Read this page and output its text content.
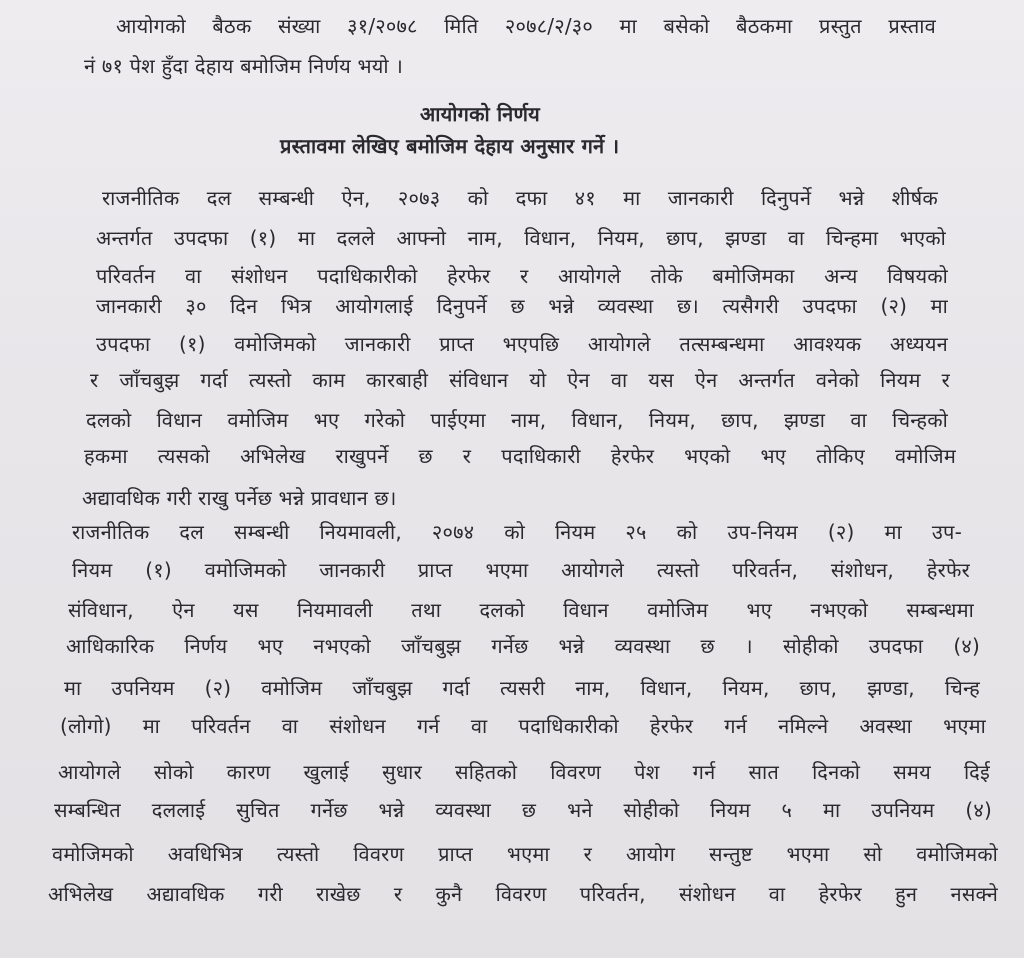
आयोगको बैठक संख्या ३१/२०७८ मिति २०७८/२/३० मा बसेको बैठकमा प्रस्तुत प्रस्ताव
नं ७१ पेश हुँदा देहाय बमोजिम निर्णय भयो ।
आयोगको निर्णय
प्रस्तावमा लेखिए बमोजिम देहाय अनुसार गर्ने ।
राजनीतिक दल सम्बन्धी ऐन, २०७३ को दफा ४१ मा जानकारी दिनुपर्ने भन्ने शीर्षक
अन्तर्गत उपदफा (१) मा दलले आफ्नो नाम, विधान, नियम, छाप, झण्डा वा चिन्हमा भएको
परिवर्तन वा संशोधन पदाधिकारीको हेरफेर र आयोगले तोके बमोजिमका अन्य विषयको
जानकारी ३० दिन भित्र आयोगलाई दिनुपर्ने छ भन्ने व्यवस्था छ। त्यसैगरी उपदफा (२) मा
उपदफा (१) वमोजिमको जानकारी प्राप्त भएपछि आयोगले तत्सम्बन्धमा आवश्यक अध्ययन
र जाँचबुझ गर्दा त्यस्तो काम कारबाही संविधान यो ऐन वा यस ऐन अन्तर्गत वनेको नियम र
दलको विधान वमोजिम भए गरेको पाईएमा नाम, विधान, नियम, छाप, झण्डा वा चिन्हको
हकमा त्यसको अभिलेख राखुपर्ने छ र पदाधिकारी हेरफेर भएको भए तोकिए वमोजिम
अद्यावधिक गरी राखु पर्नेछ भन्ने प्रावधान छ।
राजनीतिक दल सम्बन्धी नियमावली, २०७४ को नियम २५ को उप-नियम (२) मा उप-
नियम (१) वमोजिमको जानकारी प्राप्त भएमा आयोगले त्यस्तो परिवर्तन, संशोधन, हेरफेर
संविधान, ऐन यस नियमावली तथा दलको विधान वमोजिम भए नभएको सम्बन्धमा
आधिकारिक निर्णय भए नभएको जाँचबुझ गर्नेछ भन्ने व्यवस्था छ । सोहीको उपदफा (४)
मा उपनियम (२) वमोजिम जाँचबुझ गर्दा त्यसरी नाम, विधान, नियम, छाप, झण्डा, चिन्ह
(लोगो) मा परिवर्तन वा संशोधन गर्न वा पदाधिकारीको हेरफेर गर्न नमिल्ने अवस्था भएमा
आयोगले सोको कारण खुलाई सुधार सहितको विवरण पेश गर्न सात दिनको समय दिई
सम्बन्धित दललाई सुचित गर्नेछ भन्ने व्यवस्था छ भने सोहीको नियम ५ मा उपनियम (४)
वमोजिमको अवधिभित्र त्यस्तो विवरण प्राप्त भएमा र आयोग सन्तुष्ट भएमा सो वमोजिमको
अभिलेख अद्यावधिक गरी राखेछ र कुनै विवरण परिवर्तन, संशोधन वा हेरफेर हुन नसक्ने
